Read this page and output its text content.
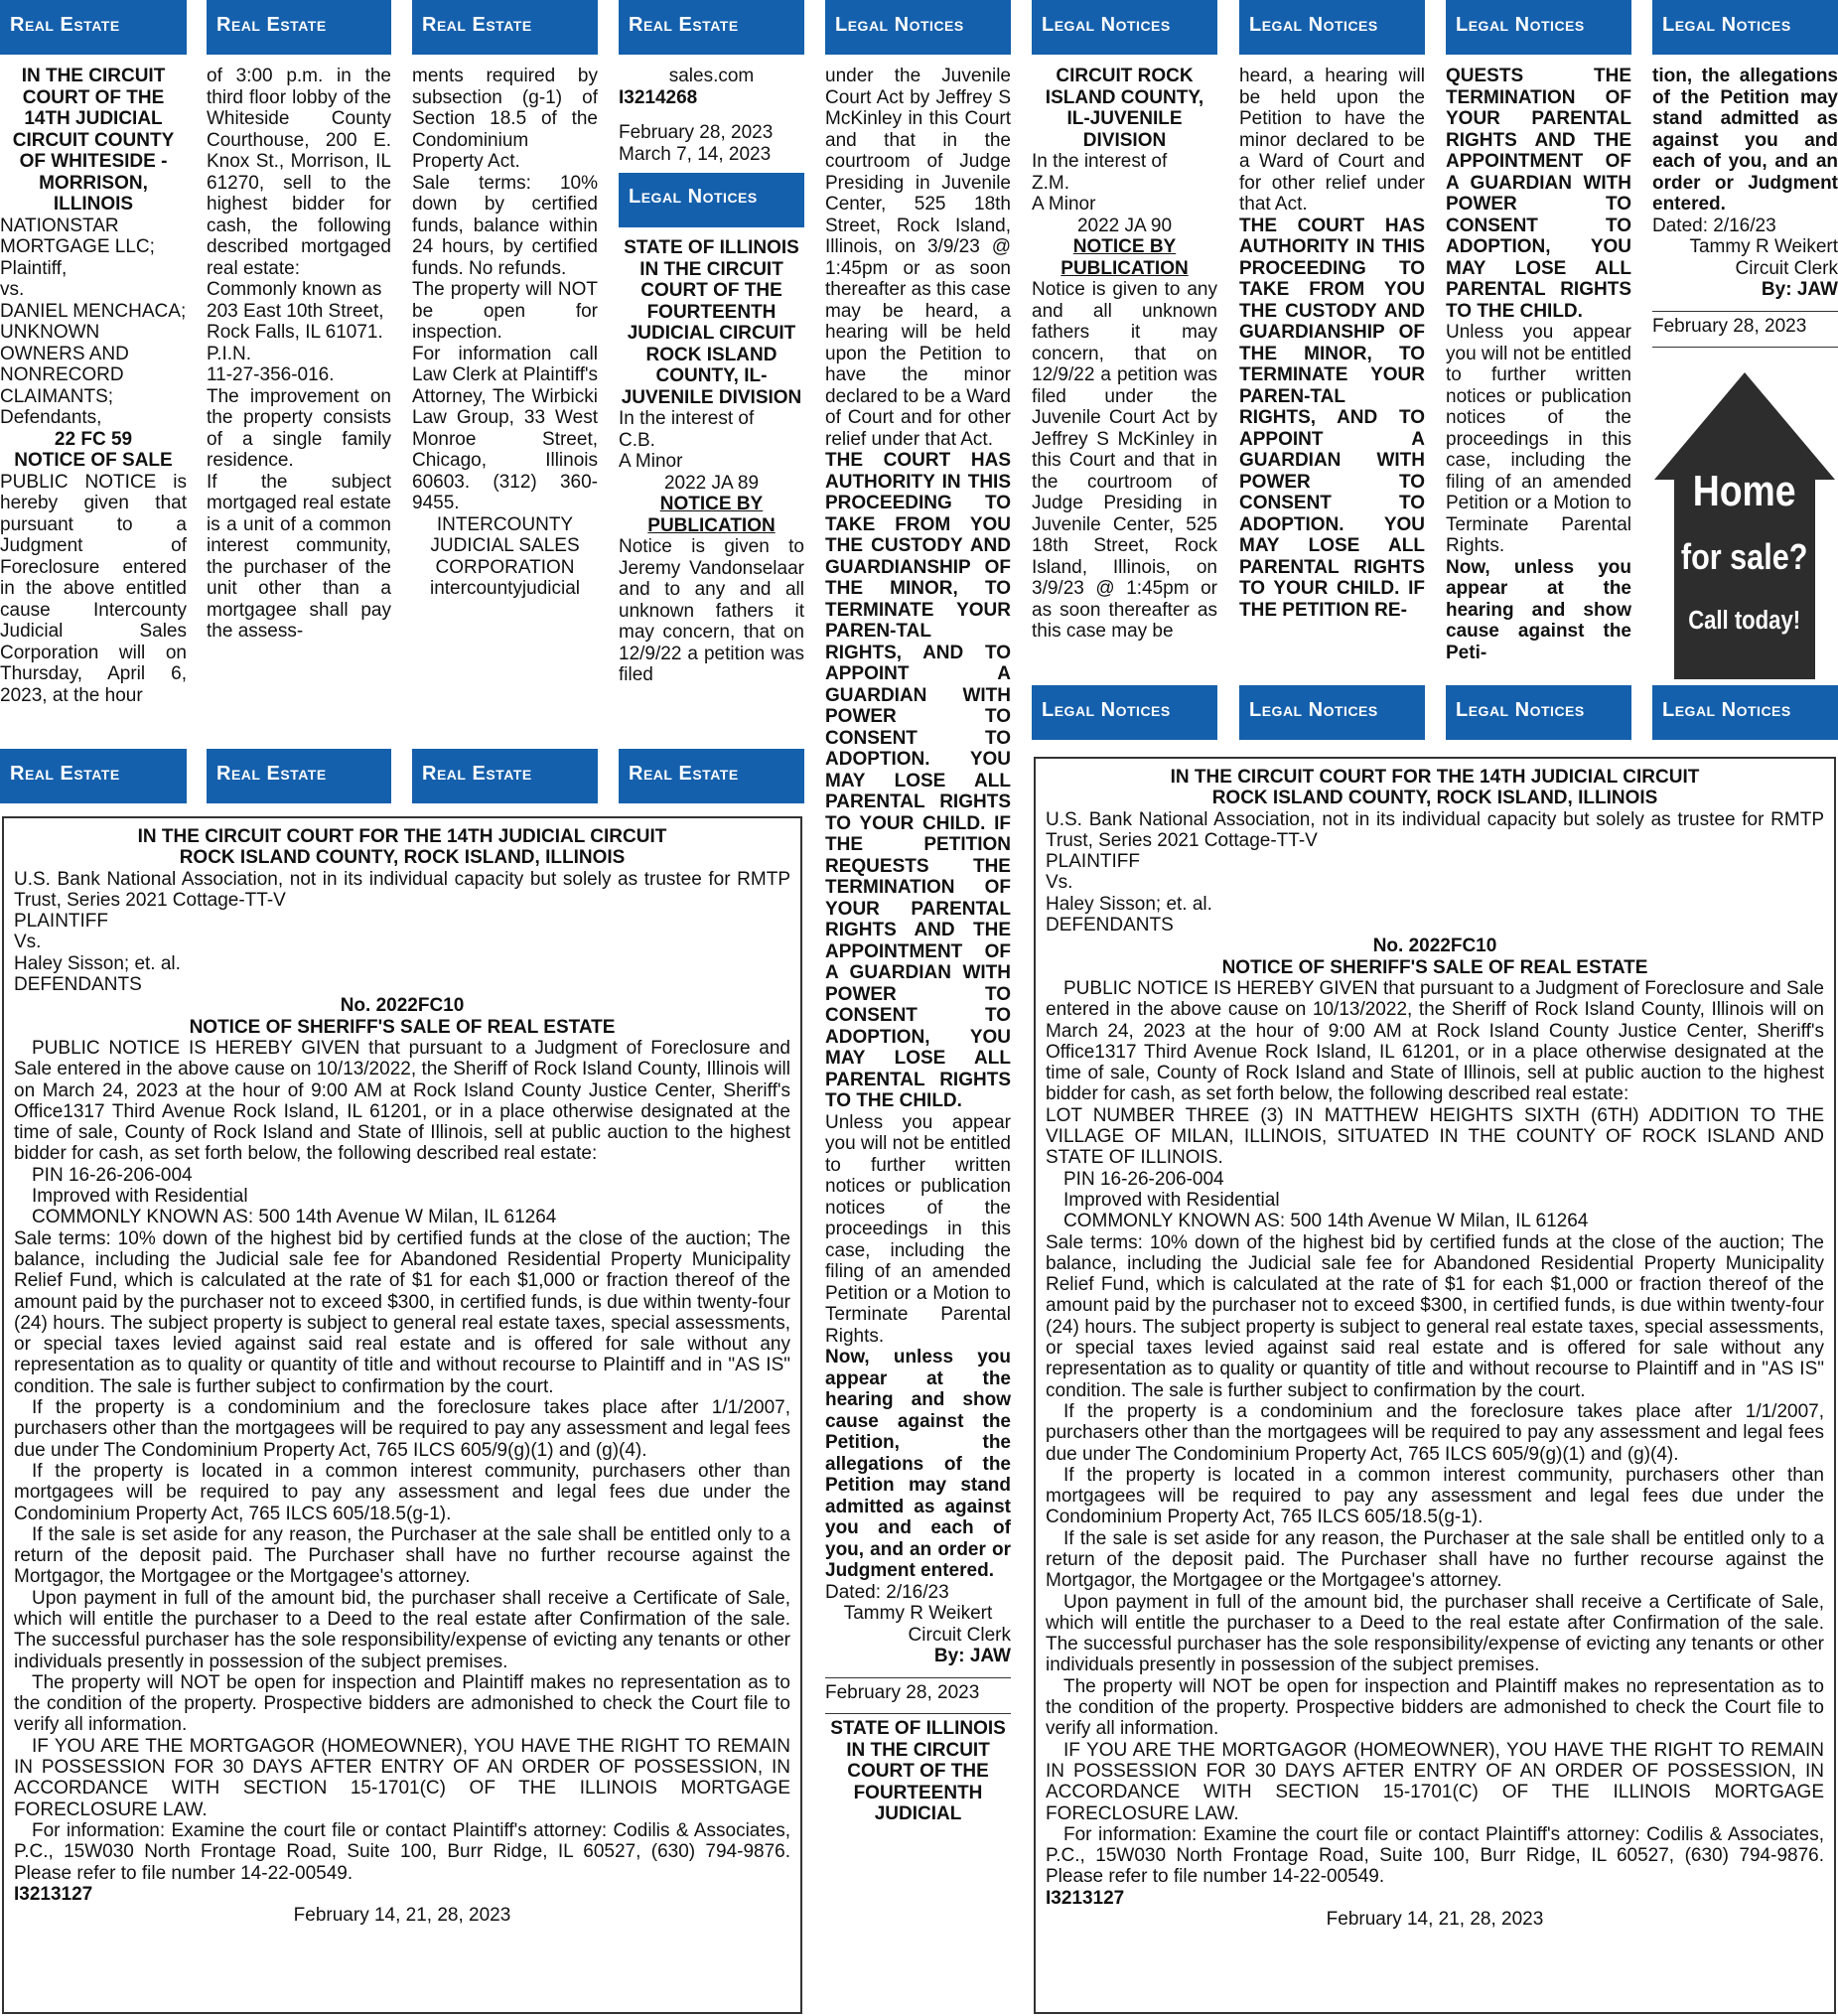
Real Estate	Real Estate	Real Estate	Real Estate	Legal Notices	Legal Notices	Legal Notices	Legal Notices	Legal Notices

IN THE CIRCUIT COURT OF THE 14TH JUDICIAL CIRCUIT COUNTY OF WHITESIDE - MORRISON, ILLINOIS

NATIONSTAR MORTGAGE LLC; Plaintiff,

vs.

DANIEL MENCHACA; UNKNOWN OWNERS AND NONRECORD CLAIMANTS; Defendants,

22 FC 59

NOTICE OF SALE

PUBLIC NOTICE is hereby given that pursuant to a Judgment of Foreclosure entered in the above entitled cause Intercounty Judicial Sales Corporation will on Thursday, April 6, 2023, at the hour

of 3:00 p.m. in the third floor lobby of the Whiteside County Courthouse, 200 E. Knox St., Morrison, IL 61270, sell to the highest bidder for cash, the following described mortgaged real estate:

Commonly known as

203 East 10th Street,

Rock Falls, IL 61071.

P.I.N.

11-27-356-016.

The improvement on the property consists of a single family residence.

If the subject mortgaged real estate is a unit of a common interest community, the purchaser of the unit other than a mortgagee shall pay the assess-

ments required by subsection (g-1) of Section 18.5 of the Condominium Property Act.

Sale terms: 10% down by certified funds, balance within 24 hours, by certified funds. No refunds.

The property will NOT be open for inspection.

For information call Law Clerk at Plaintiff's Attorney, The Wirbicki Law Group, 33 West Monroe Street, Chicago, Illinois 60603. (312) 360-9455.

INTERCOUNTY JUDICIAL SALES CORPORATION

intercountyjudicial

sales.com

I3214268

February 28, 2023

March 7, 14, 2023

Legal Notices

STATE OF ILLINOIS IN THE CIRCUIT COURT OF THE FOURTEENTH JUDICIAL CIRCUIT ROCK ISLAND COUNTY, IL-JUVENILE DIVISION

In the interest of

C.B.

A Minor

2022 JA 89

NOTICE BY PUBLICATION

Notice is given to Jeremy Vandonselaar and to any and all unknown fathers it may concern, that on 12/9/22 a petition was filed

under the Juvenile Court Act by Jeffrey S McKinley in this Court and that in the courtroom of Judge Presiding in Juvenile Center, 525 18th Street, Rock Island, Illinois, on 3/9/23 @ 1:45pm or as soon thereafter as this case may be heard, a hearing will be held upon the Petition to have the minor declared to be a Ward of Court and for other relief under that Act.

THE COURT HAS AUTHORITY IN THIS PROCEEDING TO TAKE FROM YOU THE CUSTODY AND GUARDIANSHIP OF THE MINOR, TO TERMINATE YOUR PAREN-TAL RIGHTS, AND TO APPOINT A GUARDIAN WITH POWER TO CONSENT TO ADOPTION. YOU MAY LOSE ALL PARENTAL RIGHTS TO YOUR CHILD. IF THE PETITION REQUESTS THE TERMINATION OF YOUR PARENTAL RIGHTS AND THE APPOINTMENT OF A GUARDIAN WITH POWER TO CONSENT TO ADOPTION, YOU MAY LOSE ALL PARENTAL RIGHTS TO THE CHILD.

Unless you appear you will not be entitled to further written notices or publication notices of the proceedings in this case, including the filing of an amended Petition or a Motion to Terminate Parental Rights.

Now, unless you appear at the hearing and show cause against the Petition, the allegations of the Petition may stand admitted as against you and each of you, and an order or Judgment entered.

Dated: 2/16/23

Tammy R Weikert

Circuit Clerk

By: JAW

February 28, 2023

STATE OF ILLINOIS IN THE CIRCUIT COURT OF THE FOURTEENTH JUDICIAL

CIRCUIT ROCK ISLAND COUNTY, IL-JUVENILE DIVISION

In the interest of

Z.M.

A Minor

2022 JA 90

NOTICE BY PUBLICATION

Notice is given to any and all unknown fathers it may concern, that on 12/9/22 a petition was filed under the Juvenile Court Act by Jeffrey S McKinley in this Court and that in the courtroom of Judge Presiding in Juvenile Center, 525 18th Street, Rock Island, Illinois, on 3/9/23 @ 1:45pm or as soon thereafter as this case may be

heard, a hearing will be held upon the Petition to have the minor declared to be a Ward of Court and for other relief under that Act.

THE COURT HAS AUTHORITY IN THIS PROCEEDING TO TAKE FROM YOU THE CUSTODY AND GUARDIANSHIP OF THE MINOR, TO TERMINATE YOUR PAREN-TAL RIGHTS, AND TO APPOINT A GUARDIAN WITH POWER TO CONSENT TO ADOPTION. YOU MAY LOSE ALL PARENTAL RIGHTS TO YOUR CHILD. IF THE PETITION RE-

QUESTS THE TERMINATION OF YOUR PARENTAL RIGHTS AND THE APPOINTMENT OF A GUARDIAN WITH POWER TO CONSENT TO ADOPTION, YOU MAY LOSE ALL PARENTAL RIGHTS TO THE CHILD.

Unless you appear you will not be entitled to further written notices or publication notices of the proceedings in this case, including the filing of an amended Petition or a Motion to Terminate Parental Rights.

Now, unless you appear at the hearing and show cause against the Peti-

tion, the allegations of the Petition may stand admitted as against you and each of you, and an order or Judgment entered.

Dated: 2/16/23

Tammy R Weikert

Circuit Clerk

By: JAW

February 28, 2023

Home
for sale?
Call today!
Real Estate	Real Estate	Real Estate	Real Estate
Legal Notices	Legal Notices	Legal Notices	Legal Notices

IN THE CIRCUIT COURT FOR THE 14TH JUDICIAL CIRCUIT

ROCK ISLAND COUNTY, ROCK ISLAND, ILLINOIS

U.S. Bank National Association, not in its individual capacity but solely as trustee for RMTP Trust, Series 2021 Cottage-TT-V

PLAINTIFF

Vs.

Haley Sisson; et. al.

DEFENDANTS

No. 2022FC10

NOTICE OF SHERIFF'S SALE OF REAL ESTATE

PUBLIC NOTICE IS HEREBY GIVEN that pursuant to a Judgment of Foreclosure and Sale entered in the above cause on 10/13/2022, the Sheriff of Rock Island County, Illinois will on March 24, 2023 at the hour of 9:00 AM at Rock Island County Justice Center, Sheriff's Office1317 Third Avenue Rock Island, IL 61201, or in a place otherwise designated at the time of sale, County of Rock Island and State of Illinois, sell at public auction to the highest bidder for cash, as set forth below, the following described real estate:

PIN 16-26-206-004

Improved with Residential

COMMONLY KNOWN AS: 500 14th Avenue W Milan, IL 61264

Sale terms: 10% down of the highest bid by certified funds at the close of the auction; The balance, including the Judicial sale fee for Abandoned Residential Property Municipality Relief Fund, which is calculated at the rate of $1 for each $1,000 or fraction thereof of the amount paid by the purchaser not to exceed $300, in certified funds, is due within twenty-four (24) hours. The subject property is subject to general real estate taxes, special assessments, or special taxes levied against said real estate and is offered for sale without any representation as to quality or quantity of title and without recourse to Plaintiff and in "AS IS" condition. The sale is further subject to confirmation by the court.

If the property is a condominium and the foreclosure takes place after 1/1/2007, purchasers other than the mortgagees will be required to pay any assessment and legal fees due under The Condominium Property Act, 765 ILCS 605/9(g)(1) and (g)(4).

If the property is located in a common interest community, purchasers other than mortgagees will be required to pay any assessment and legal fees due under the Condominium Property Act, 765 ILCS 605/18.5(g-1).

If the sale is set aside for any reason, the Purchaser at the sale shall be entitled only to a return of the deposit paid. The Purchaser shall have no further recourse against the Mortgagor, the Mortgagee or the Mortgagee's attorney.

Upon payment in full of the amount bid, the purchaser shall receive a Certificate of Sale, which will entitle the purchaser to a Deed to the real estate after Confirmation of the sale. The successful purchaser has the sole responsibility/expense of evicting any tenants or other individuals presently in possession of the subject premises.

The property will NOT be open for inspection and Plaintiff makes no representation as to the condition of the property. Prospective bidders are admonished to check the Court file to verify all information.

IF YOU ARE THE MORTGAGOR (HOMEOWNER), YOU HAVE THE RIGHT TO REMAIN IN POSSESSION FOR 30 DAYS AFTER ENTRY OF AN ORDER OF POSSESSION, IN ACCORDANCE WITH SECTION 15-1701(C) OF THE ILLINOIS MORTGAGE FORECLOSURE LAW.

For information: Examine the court file or contact Plaintiff's attorney: Codilis & Associates, P.C., 15W030 North Frontage Road, Suite 100, Burr Ridge, IL 60527, (630) 794-9876. Please refer to file number 14-22-00549.

I3213127

February 14, 21, 28, 2023

IN THE CIRCUIT COURT FOR THE 14TH JUDICIAL CIRCUIT

ROCK ISLAND COUNTY, ROCK ISLAND, ILLINOIS

U.S. Bank National Association, not in its individual capacity but solely as trustee for RMTP Trust, Series 2021 Cottage-TT-V

PLAINTIFF

Vs.

Haley Sisson; et. al.

DEFENDANTS

No. 2022FC10

NOTICE OF SHERIFF'S SALE OF REAL ESTATE

PUBLIC NOTICE IS HEREBY GIVEN that pursuant to a Judgment of Foreclosure and Sale entered in the above cause on 10/13/2022, the Sheriff of Rock Island County, Illinois will on March 24, 2023 at the hour of 9:00 AM at Rock Island County Justice Center, Sheriff's Office1317 Third Avenue Rock Island, IL 61201, or in a place otherwise designated at the time of sale, County of Rock Island and State of Illinois, sell at public auction to the highest bidder for cash, as set forth below, the following described real estate:

LOT NUMBER THREE (3) IN MATTHEW HEIGHTS SIXTH (6TH) ADDITION TO THE VILLAGE OF MILAN, ILLINOIS, SITUATED IN THE COUNTY OF ROCK ISLAND AND STATE OF ILLINOIS.

PIN 16-26-206-004

Improved with Residential

COMMONLY KNOWN AS: 500 14th Avenue W Milan, IL 61264

Sale terms: 10% down of the highest bid by certified funds at the close of the auction; The balance, including the Judicial sale fee for Abandoned Residential Property Municipality Relief Fund, which is calculated at the rate of $1 for each $1,000 or fraction thereof of the amount paid by the purchaser not to exceed $300, in certified funds, is due within twenty-four (24) hours. The subject property is subject to general real estate taxes, special assessments, or special taxes levied against said real estate and is offered for sale without any representation as to quality or quantity of title and without recourse to Plaintiff and in "AS IS" condition. The sale is further subject to confirmation by the court.

If the property is a condominium and the foreclosure takes place after 1/1/2007, purchasers other than the mortgagees will be required to pay any assessment and legal fees due under The Condominium Property Act, 765 ILCS 605/9(g)(1) and (g)(4).

If the property is located in a common interest community, purchasers other than mortgagees will be required to pay any assessment and legal fees due under the Condominium Property Act, 765 ILCS 605/18.5(g-1).

If the sale is set aside for any reason, the Purchaser at the sale shall be entitled only to a return of the deposit paid. The Purchaser shall have no further recourse against the Mortgagor, the Mortgagee or the Mortgagee's attorney.

Upon payment in full of the amount bid, the purchaser shall receive a Certificate of Sale, which will entitle the purchaser to a Deed to the real estate after Confirmation of the sale. The successful purchaser has the sole responsibility/expense of evicting any tenants or other individuals presently in possession of the subject premises.

The property will NOT be open for inspection and Plaintiff makes no representation as to the condition of the property. Prospective bidders are admonished to check the Court file to verify all information.

IF YOU ARE THE MORTGAGOR (HOMEOWNER), YOU HAVE THE RIGHT TO REMAIN IN POSSESSION FOR 30 DAYS AFTER ENTRY OF AN ORDER OF POSSESSION, IN ACCORDANCE WITH SECTION 15-1701(C) OF THE ILLINOIS MORTGAGE FORECLOSURE LAW.

For information: Examine the court file or contact Plaintiff's attorney: Codilis & Associates, P.C., 15W030 North Frontage Road, Suite 100, Burr Ridge, IL 60527, (630) 794-9876. Please refer to file number 14-22-00549.

I3213127

February 14, 21, 28, 2023
